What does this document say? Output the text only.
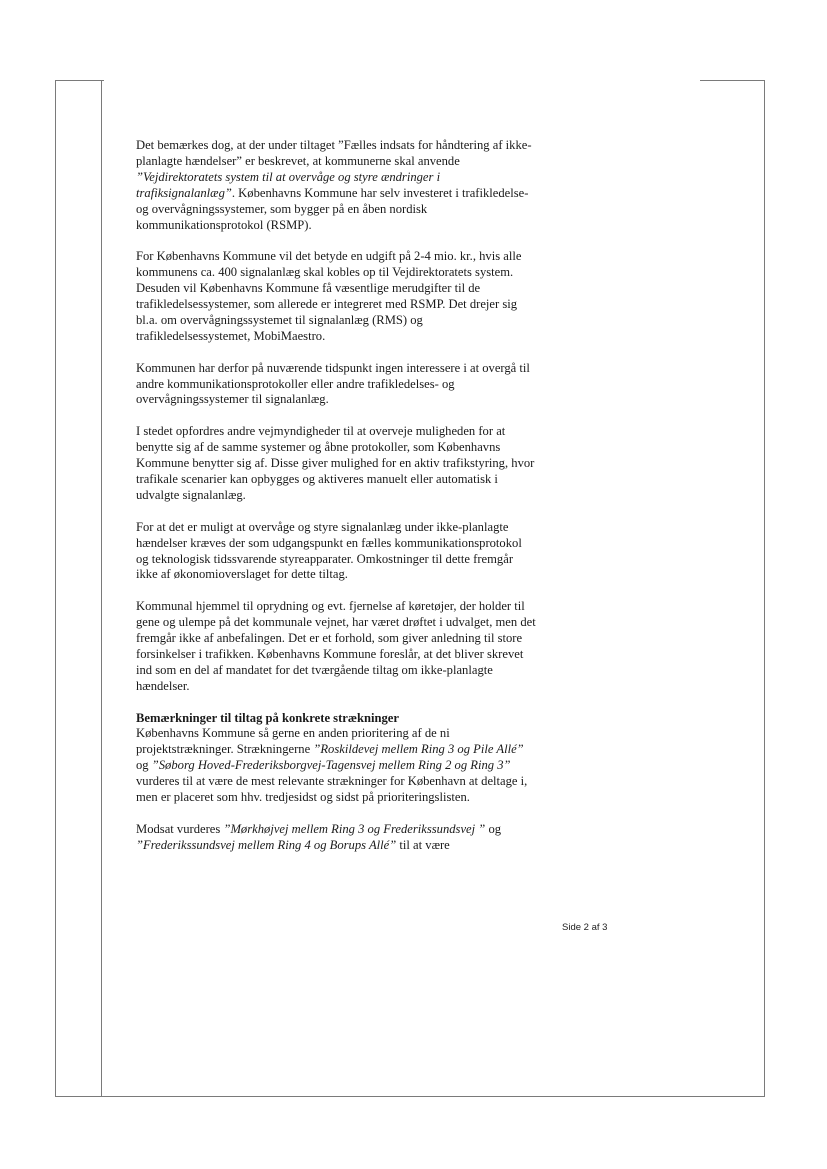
Det bemærkes dog, at der under tiltaget ”Fælles indsats for håndtering af ikke-planlagte hændelser” er beskrevet, at kommunerne skal anvende ”Vejdirektoratets system til at overvåge og styre ændringer i trafiksignalanlæg”. Københavns Kommune har selv investeret i trafikledelse- og overvågningssystemer, som bygger på en åben nordisk kommunikationsprotokol (RSMP).

For Københavns Kommune vil det betyde en udgift på 2-4 mio. kr., hvis alle kommunens ca. 400 signalanlæg skal kobles op til Vejdirektoratets system. Desuden vil Københavns Kommune få væsentlige merudgifter til de trafikledelsessystemer, som allerede er integreret med RSMP. Det drejer sig bl.a. om overvågningssystemet til signalanlæg (RMS) og trafikledelsessystemet, MobiMaestro.

Kommunen har derfor på nuværende tidspunkt ingen interessere i at overgå til andre kommunikationsprotokoller eller andre trafikledelses- og overvågningssystemer til signalanlæg.

I stedet opfordres andre vejmyndigheder til at overveje muligheden for at benytte sig af de samme systemer og åbne protokoller, som Københavns Kommune benytter sig af. Disse giver mulighed for en aktiv trafikstyring, hvor trafikale scenarier kan opbygges og aktiveres manuelt eller automatisk i udvalgte signalanlæg.

For at det er muligt at overvåge og styre signalanlæg under ikke-planlagte hændelser kræves der som udgangspunkt en fælles kommunikationsprotokol og teknologisk tidssvarende styreapparater. Omkostninger til dette fremgår ikke af økonomioverslaget for dette tiltag.

Kommunal hjemmel til oprydning og evt. fjernelse af køretøjer, der holder til gene og ulempe på det kommunale vejnet, har været drøftet i udvalget, men det fremgår ikke af anbefalingen. Det er et forhold, som giver anledning til store forsinkelser i trafikken. Københavns Kommune foreslår, at det bliver skrevet ind som en del af mandatet for det tværgående tiltag om ikke-planlagte hændelser.

Bemærkninger til tiltag på konkrete strækninger
Københavns Kommune så gerne en anden prioritering af de ni projektstrækninger. Strækningerne ”Roskildevej mellem Ring 3 og Pile Allé” og ”Søborg Hoved-Frederiksborgvej-Tagensvej mellem Ring 2 og Ring 3” vurderes til at være de mest relevante strækninger for København at deltage i, men er placeret som hhv. tredjesidst og sidst på prioriteringslisten.

Modsat vurderes ”Mørkhøjvej mellem Ring 3 og Frederikssundsvej ” og ”Frederikssundsvej mellem Ring 4 og Borups Allé” til at være

Side 2 af 3
